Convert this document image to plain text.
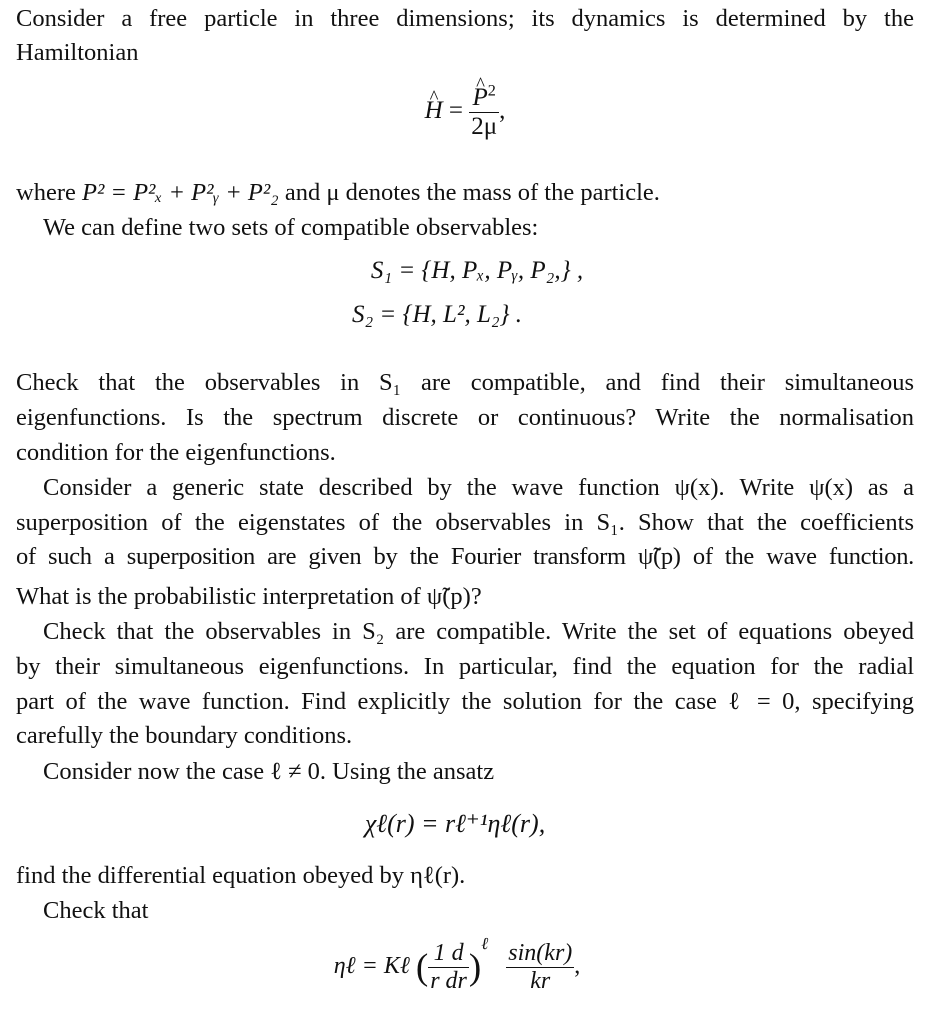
Consider a free particle in three dimensions; its dynamics is determined by the
Hamiltonian
^ H =
^ $\frac{P^2}{2\mu}$ ,
where P² = P²ₓ + P²ᵧ + P²₂ and μ denotes the mass of the particle.
We can define two sets of compatible observables:
S₁ = {H, Pₓ, Pᵧ, P₂,} ,
S₂ = {H, L², L₂} .
Check that the observables in S₁ are compatible, and find their simultaneous
eigenfunctions. Is the spectrum discrete or continuous? Write the normalisation
condition for the eigenfunctions.
Consider a generic state described by the wave function ψ(x). Write ψ(x) as a
superposition of the eigenstates of the observables in S₁. Show that the coefficients
of such a superposition are given by the Fourier transform ψ̃(p) of the wave function.
What is the probabilistic interpretation of ψ̃(p)?
Check that the observables in S₂ are compatible. Write the set of equations obeyed
by their simultaneous eigenfunctions. In particular, find the equation for the radial
part of the wave function. Find explicitly the solution for the case ℓ = 0, specifying
carefully the boundary conditions.
Consider now the case ℓ ≠ 0. Using the ansatz
χℓ(r) = rℓ⁺¹ηℓ(r),
find the differential equation obeyed by ηℓ(r).
Check that
ηℓ = Kℓ ( $\frac{1 d}{\text{r dr}} )^\ell \frac{\sin(kr)}{kr}$ ,
